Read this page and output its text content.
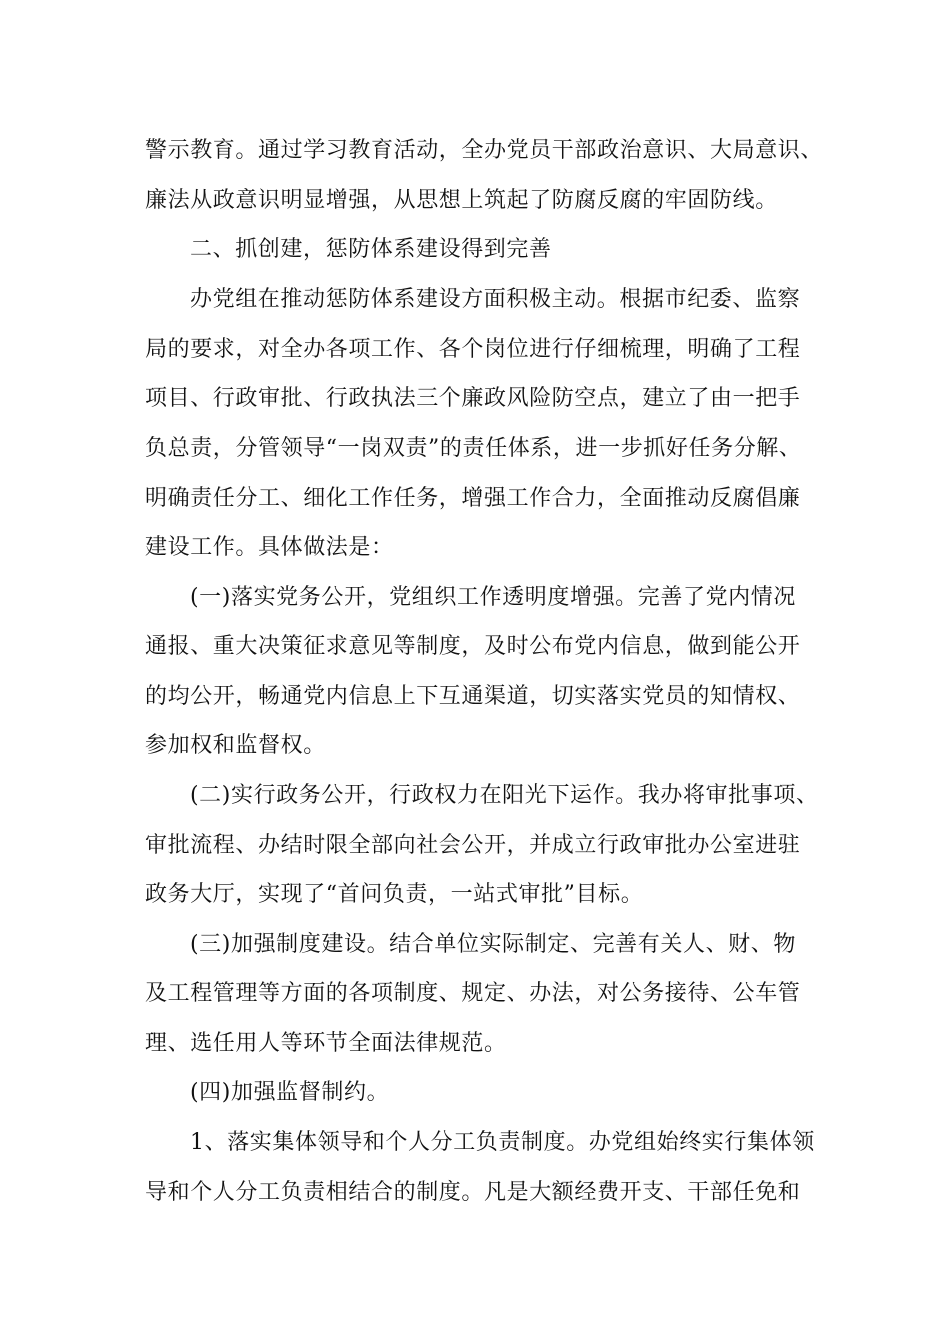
警示教育。通过学习教育活动，全办党员干部政治意识、大局意识、
廉法从政意识明显增强，从思想上筑起了防腐反腐的牢固防线。
二、抓创建，惩防体系建设得到完善
办党组在推动惩防体系建设方面积极主动。根据市纪委、监察
局的要求，对全办各项工作、各个岗位进行仔细梳理，明确了工程
项目、行政审批、行政执法三个廉政风险防空点，建立了由一把手
负总责，分管领导“一岗双责”的责任体系，进一步抓好任务分解、
明确责任分工、细化工作任务，增强工作合力，全面推动反腐倡廉
建设工作。具体做法是：
(一)落实党务公开，党组织工作透明度增强。完善了党内情况
通报、重大决策征求意见等制度，及时公布党内信息，做到能公开
的均公开，畅通党内信息上下互通渠道，切实落实党员的知情权、
参加权和监督权。
(二)实行政务公开，行政权力在阳光下运作。我办将审批事项、
审批流程、办结时限全部向社会公开，并成立行政审批办公室进驻
政务大厅，实现了“首问负责，一站式审批”目标。
(三)加强制度建设。结合单位实际制定、完善有关人、财、物
及工程管理等方面的各项制度、规定、办法，对公务接待、公车管
理、选任用人等环节全面法律规范。
(四)加强监督制约。
1、落实集体领导和个人分工负责制度。办党组始终实行集体领
导和个人分工负责相结合的制度。凡是大额经费开支、干部任免和
